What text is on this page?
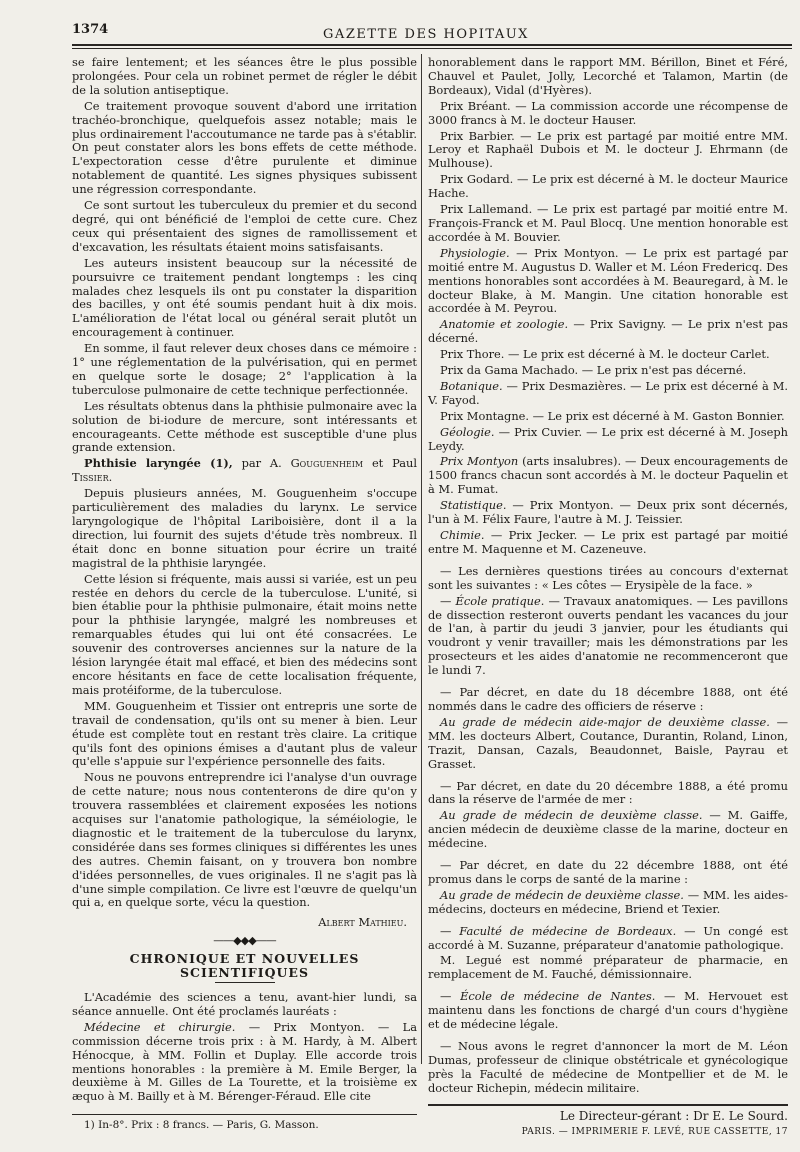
1374	GAZETTE DES HOPITAUX

se faire lentement; et les séances être le plus possible prolongées. Pour cela un robinet permet de régler le débit de la solution antiseptique.

Ce traitement provoque souvent d'abord une irritation trachéo-bronchique, quelquefois assez notable; mais le plus ordinairement l'accoutumance ne tarde pas à s'établir. On peut constater alors les bons effets de cette méthode. L'expectoration cesse d'être purulente et diminue notablement de quantité. Les signes physiques subissent une régression correspondante.

Ce sont surtout les tuberculeux du premier et du second degré, qui ont bénéficié de l'emploi de cette cure. Chez ceux qui présentaient des signes de ramollissement et d'excavation, les résultats étaient moins satisfaisants.

Les auteurs insistent beaucoup sur la nécessité de poursuivre ce traitement pendant longtemps : les cinq malades chez lesquels ils ont pu constater la disparition des bacilles, y ont été soumis pendant huit à dix mois. L'amélioration de l'état local ou général serait plutôt un encouragement à continuer.

En somme, il faut relever deux choses dans ce mémoire : 1° une réglementation de la pulvérisation, qui en permet en quelque sorte le dosage; 2° l'application à la tuberculose pulmonaire de cette technique perfectionnée.

Les résultats obtenus dans la phthisie pulmonaire avec la solution de bi-iodure de mercure, sont intéressants et encourageants. Cette méthode est susceptible d'une plus grande extension.

Phthisie laryngée (1), par A. Gouguenheim et Paul Tissier.

Depuis plusieurs années, M. Gouguenheim s'occupe particulièrement des maladies du larynx. Le service laryngologique de l'hôpital Lariboisière, dont il a la direction, lui fournit des sujets d'étude très nombreux. Il était donc en bonne situation pour écrire un traité magistral de la phthisie laryngée.

Cette lésion si fréquente, mais aussi si variée, est un peu restée en dehors du cercle de la tuberculose. L'unité, si bien établie pour la phthisie pulmonaire, était moins nette pour la phthisie laryngée, malgré les nombreuses et remarquables études qui lui ont été consacrées. Le souvenir des controverses anciennes sur la nature de la lésion laryngée était mal effacé, et bien des médecins sont encore hésitants en face de cette localisation fréquente, mais protéiforme, de la tuberculose.

MM. Gouguenheim et Tissier ont entrepris une sorte de travail de condensation, qu'ils ont su mener à bien. Leur étude est complète tout en restant très claire. La critique qu'ils font des opinions émises a d'autant plus de valeur qu'elle s'appuie sur l'expérience personnelle des faits.

Nous ne pouvons entreprendre ici l'analyse d'un ouvrage de cette nature; nous nous contenterons de dire qu'on y trouvera rassemblées et clairement exposées les notions acquises sur l'anatomie pathologique, la séméiologie, le diagnostic et le traitement de la tuberculose du larynx, considérée dans ses formes cliniques si différentes les unes des autres. Chemin faisant, on y trouvera bon nombre d'idées personnelles, de vues originales. Il ne s'agit pas là d'une simple compilation. Ce livre est l'œuvre de quelqu'un qui a, en quelque sorte, vécu la question.

Albert Mathieu.

——◆◆◆——
CHRONIQUE ET NOUVELLES SCIENTIFIQUES

L'Académie des sciences a tenu, avant-hier lundi, sa séance annuelle. Ont été proclamés lauréats :

Médecine et chirurgie. — Prix Montyon. — La commission décerne trois prix : à M. Hardy, à M. Albert Hénocque, à MM. Follin et Duplay. Elle accorde trois mentions honorables : la première à M. Emile Berger, la deuxième à M. Gilles de La Tourette, et la troisième ex æquo à M. Bailly et à M. Bérenger-Féraud. Elle cite

1) In-8°. Prix : 8 francs. — Paris, G. Masson.

honorablement dans le rapport MM. Bérillon, Binet et Féré, Chauvel et Paulet, Jolly, Lecorché et Talamon, Martin (de Bordeaux), Vidal (d'Hyères).

Prix Bréant. — La commission accorde une récompense de 3000 francs à M. le docteur Hauser.

Prix Barbier. — Le prix est partagé par moitié entre MM. Leroy et Raphaël Dubois et M. le docteur J. Ehrmann (de Mulhouse).

Prix Godard. — Le prix est décerné à M. le docteur Maurice Hache.

Prix Lallemand. — Le prix est partagé par moitié entre M. François-Franck et M. Paul Blocq. Une mention honorable est accordée à M. Bouvier.

Physiologie. — Prix Montyon. — Le prix est partagé par moitié entre M. Augustus D. Waller et M. Léon Fredericq. Des mentions honorables sont accordées à M. Beauregard, à M. le docteur Blake, à M. Mangin. Une citation honorable est accordée à M. Peyrou.

Anatomie et zoologie. — Prix Savigny. — Le prix n'est pas décerné.

Prix Thore. — Le prix est décerné à M. le docteur Carlet.

Prix da Gama Machado. — Le prix n'est pas décerné.

Botanique. — Prix Desmazières. — Le prix est décerné à M. V. Fayod.

Prix Montagne. — Le prix est décerné à M. Gaston Bonnier.

Géologie. — Prix Cuvier. — Le prix est décerné à M. Joseph Leydy.

Prix Montyon (arts insalubres). — Deux encouragements de 1500 francs chacun sont accordés à M. le docteur Paquelin et à M. Fumat.

Statistique. — Prix Montyon. — Deux prix sont décernés, l'un à M. Félix Faure, l'autre à M. J. Teissier.

Chimie. — Prix Jecker. — Le prix est partagé par moitié entre M. Maquenne et M. Cazeneuve.

— Les dernières questions tirées au concours d'externat sont les suivantes : « Les côtes — Erysipèle de la face. »

— École pratique. — Travaux anatomiques. — Les pavillons de dissection resteront ouverts pendant les vacances du jour de l'an, à partir du jeudi 3 janvier, pour les étudiants qui voudront y venir travailler; mais les démonstrations par les prosecteurs et les aides d'anatomie ne recommenceront que le lundi 7.

— Par décret, en date du 18 décembre 1888, ont été nommés dans le cadre des officiers de réserve :

Au grade de médecin aide-major de deuxième classe. — MM. les docteurs Albert, Coutance, Durantin, Roland, Linon, Trazit, Dansan, Cazals, Beaudonnet, Baisle, Payrau et Grasset.

— Par décret, en date du 20 décembre 1888, a été promu dans la réserve de l'armée de mer :

Au grade de médecin de deuxième classe. — M. Gaiffe, ancien médecin de deuxième classe de la marine, docteur en médecine.

— Par décret, en date du 22 décembre 1888, ont été promus dans le corps de santé de la marine :

Au grade de médecin de deuxième classe. — MM. les aides-médecins, docteurs en médecine, Briend et Texier.

— Faculté de médecine de Bordeaux. — Un congé est accordé à M. Suzanne, préparateur d'anatomie pathologique.

M. Legué est nommé préparateur de pharmacie, en remplacement de M. Fauché, démissionnaire.

— École de médecine de Nantes. — M. Hervouet est maintenu dans les fonctions de chargé d'un cours d'hygiène et de médecine légale.

— Nous avons le regret d'annoncer la mort de M. Léon Dumas, professeur de clinique obstétricale et gynécologique près la Faculté de médecine de Montpellier et de M. le docteur Richepin, médecin militaire.

Le Directeur-gérant : Dr E. Le Sourd.

PARIS. — IMPRIMERIE F. LEVÉ, RUE CASSETTE, 17
